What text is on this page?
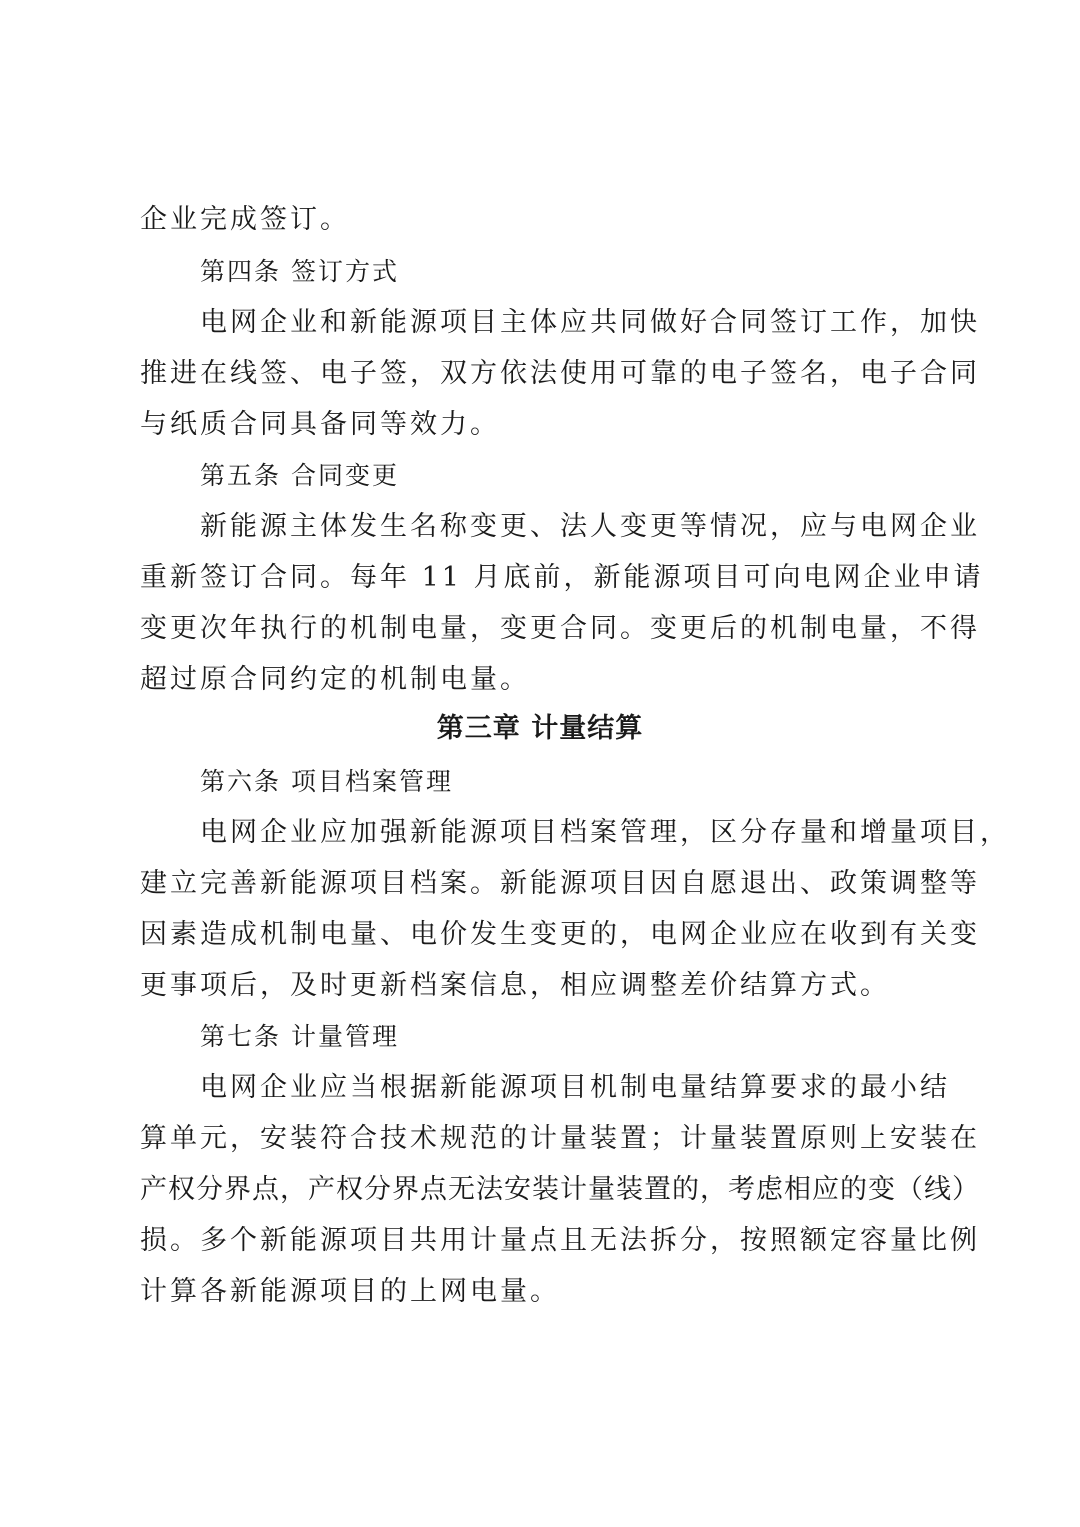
企业完成签订。
第四条 签订方式
电网企业和新能源项目主体应共同做好合同签订工作，加快
推进在线签、电子签，双方依法使用可靠的电子签名，电子合同
与纸质合同具备同等效力。
第五条 合同变更
新能源主体发生名称变更、法人变更等情况，应与电网企业
重新签订合同。每年 11 月底前，新能源项目可向电网企业申请
变更次年执行的机制电量，变更合同。变更后的机制电量，不得
超过原合同约定的机制电量。
第三章 计量结算
第六条 项目档案管理
电网企业应加强新能源项目档案管理，区分存量和增量项目，
建立完善新能源项目档案。新能源项目因自愿退出、政策调整等
因素造成机制电量、电价发生变更的，电网企业应在收到有关变
更事项后，及时更新档案信息，相应调整差价结算方式。
第七条 计量管理
电网企业应当根据新能源项目机制电量结算要求的最小结
算单元，安装符合技术规范的计量装置；计量装置原则上安装在
产权分界点，产权分界点无法安装计量装置的，考虑相应的变（线）
损。多个新能源项目共用计量点且无法拆分，按照额定容量比例
计算各新能源项目的上网电量。
